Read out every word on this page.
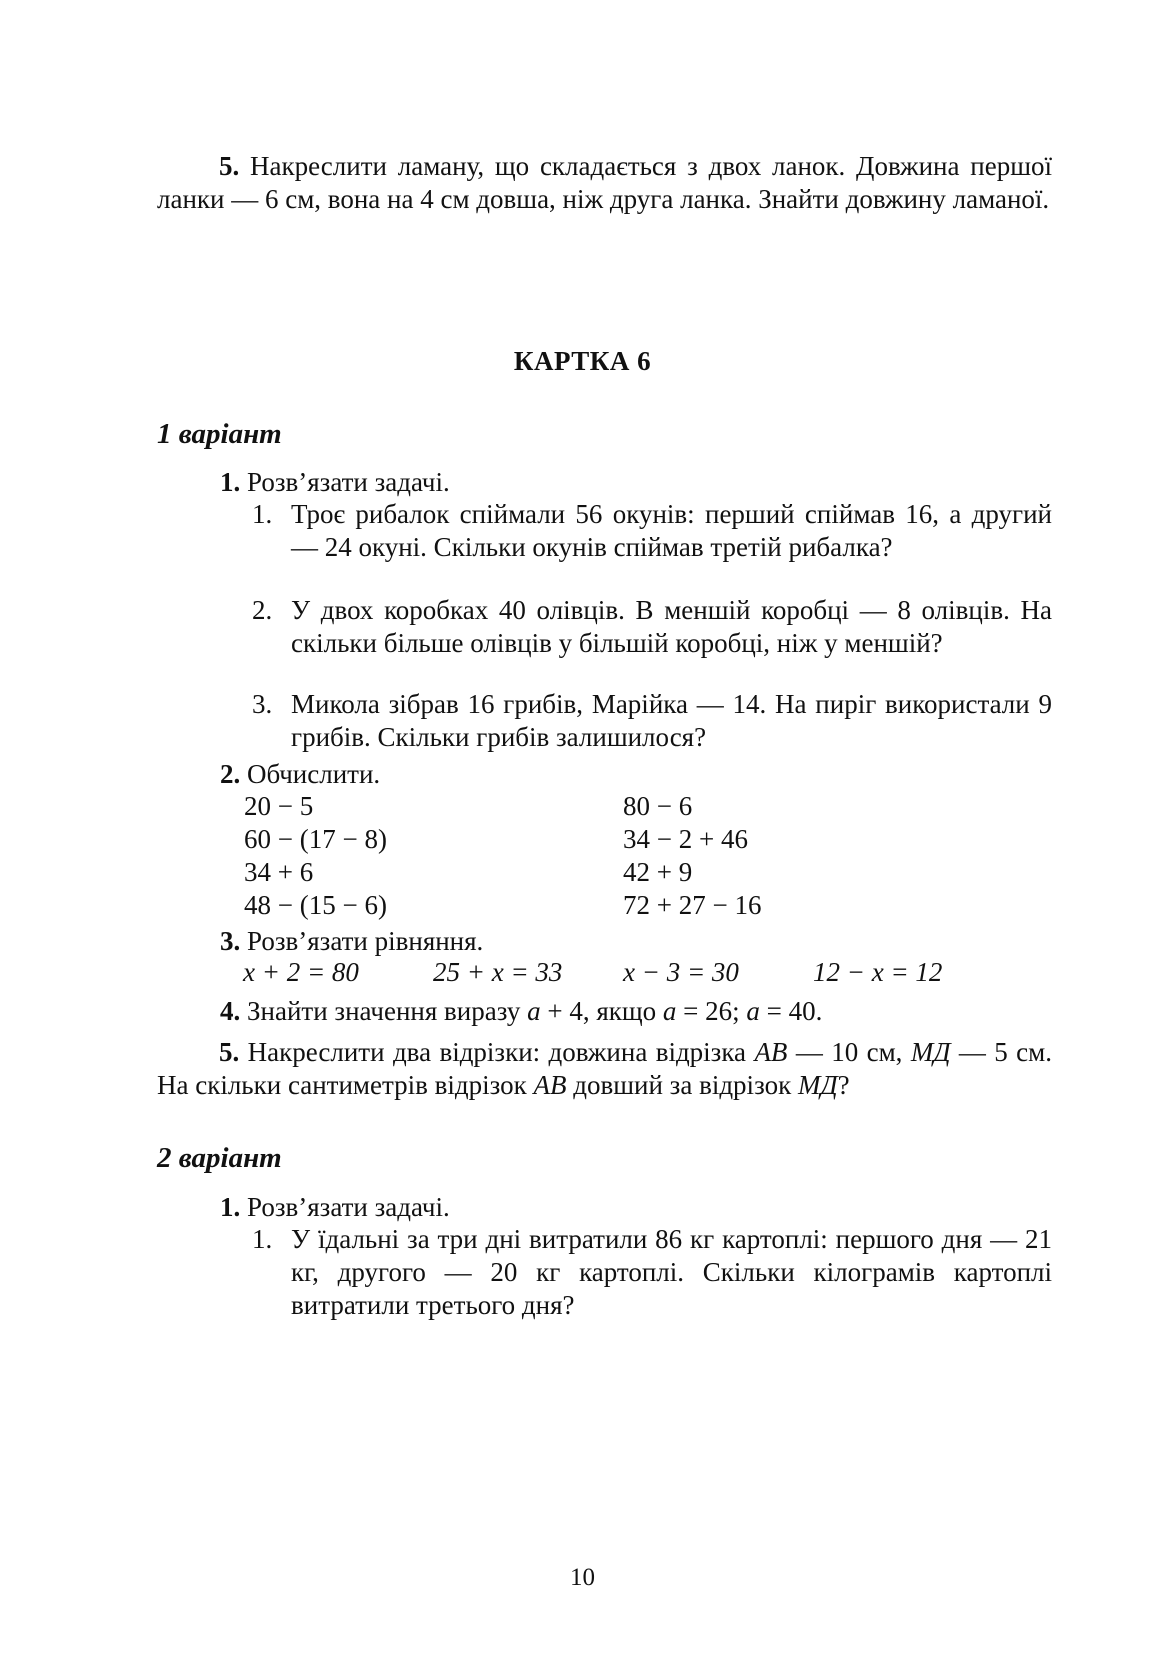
5. Накреслити ламану, що складається з двох ланок. Довжина першої ланки — 6 см, вона на 4 см довша, ніж друга ланка. Знайти довжину ламаної.

КАРТКА 6
1 варіант
1. Розв’язати задачі.
1. Троє рибалок спіймали 56 окунів: перший спіймав 16, а другий — 24 окуні. Скільки окунів спіймав третій рибалка?
2. У двох коробках 40 олівців. В меншій коробці — 8 олівців. На скільки більше олівців у більшій коробці, ніж у меншій?
3. Микола зібрав 16 грибів, Марійка — 14. На пиріг використали 9 грибів. Скільки грибів залишилося?
2. Обчислити.
20 − 5
60 − (17 − 8)
34 + 6
48 − (15 − 6)
80 − 6
34 − 2 + 46
42 + 9
72 + 27 − 16
3. Розв’язати рівняння.
x + 2 = 80	25 + x = 33 x − 3 = 30	12 − x = 12
4. Знайти значення виразу a + 4, якщо a = 26; a = 40.

5. Накреслити два відрізки: довжина відрізка AB — 10 см, МД — 5 см. На скільки сантиметрів відрізок AB довший за відрізок МД?

2 варіант
1. Розв’язати задачі.
1. У їдальні за три дні витратили 86 кг картоплі: першого дня — 21 кг, другого — 20 кг картоплі. Скільки кілограмів картоплі витратили третього дня?
10
